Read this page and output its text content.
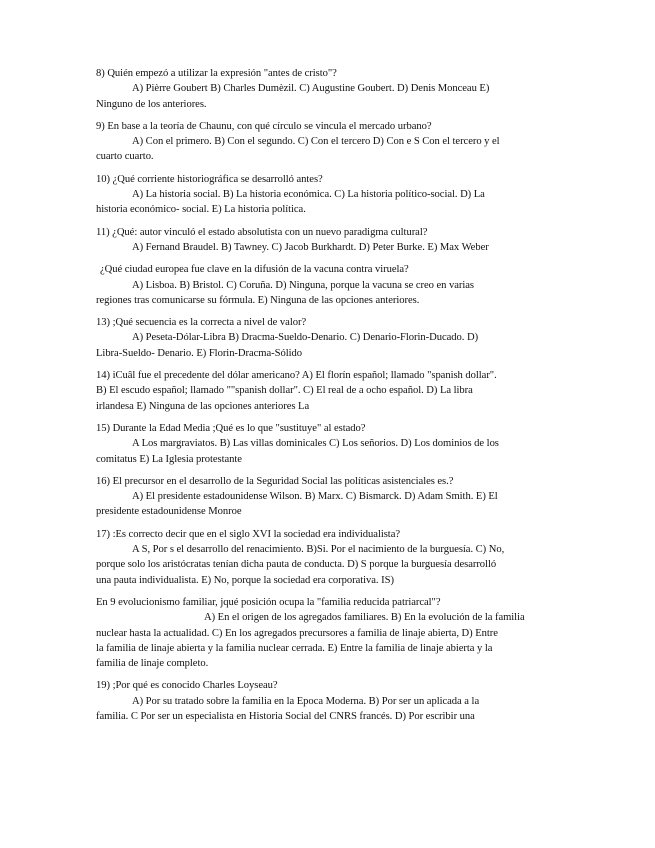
8) Quién empezó a utilizar la expresión "antes de cristo"?
A) Pièrre Goubert B) Charles Dumèzil. C) Augustine Goubert. D) Denis Monceau E)
Ninguno de los anteriores.
9) En base a la teoría de Chaunu, con qué círculo se vincula el mercado urbano?
A) Con el primero. B) Con el segundo. C) Con el tercero D) Con e S Con el tercero y el
cuarto cuarto.
10) ¿Qué corriente historiográfica se desarrolló antes?
A) La historia social. B) La historia económica. C) La historia político-social. D) La
historia económico- social. E) La historia política.
11) ¿Qué: autor vinculó el estado absolutista con un nuevo paradigma cultural?
A) Fernand Braudel. B) Tawney. C) Jacob Burkhardt. D) Peter Burke. E) Max Weber
¿Qué ciudad europea fue clave en la difusión de la vacuna contra viruela?
A) Lisboa. B) Bristol. C) Coruña. D) Ninguna, porque la vacuna se creo en varias
regiones tras comunicarse su fórmula. E) Ninguna de las opciones anteriores.
13) ;Qué secuencia es la correcta a nivel de valor?
A) Peseta-Dólar-Libra B) Dracma-Sueldo-Denario. C) Denario-Florin-Ducado. D)
Libra-Sueldo- Denario. E) Florin-Dracma-Sólido
14) iCuâl fue el precedente del dólar americano? A) El florín español; llamado "spanish dollar".
B) El escudo español; llamado ""spanish dollar". C) El real de a ocho español. D) La libra
irlandesa E) Ninguna de las opciones anteriores La
15) Durante la Edad Media ;Qué es lo que "sustituye" al estado?
A Los margraviatos. B) Las villas dominicales C) Los señorios. D) Los dominios de los
comitatus E) La Iglesia protestante
16) El precursor en el desarrollo de la Seguridad Social las políticas asistenciales es.?
A) El presidente estadounidense Wilson. B) Marx. C) Bismarck. D) Adam Smith. E) El
presidente estadounidense Monroe
17) :Es correcto decir que en el siglo XVI la sociedad era individualista?
A S, Por s el desarrollo del renacimiento. B)Si. Por el nacimiento de la burguesía. C) No,
porque solo los aristócratas tenían dicha pauta de conducta. D) S porque la burguesía desarrolló
una pauta individualista. E) No, porque la sociedad era corporativa. IS)
En 9 evolucionismo familiar, jqué posición ocupa la "familia reducida patriarcal"?
A) En el origen de los agregados familiares. B) En la evolución de la familia
nuclear hasta la actualidad. C) En los agregados precursores a familia de linaje abierta, D) Entre
la familia de linaje abierta y la familia nuclear cerrada. E) Entre la familia de linaje abierta y la
familia de linaje completo.
19) ;Por qué es conocido Charles Loyseau?
A) Por su tratado sobre la familia en la Epoca Moderna. B) Por ser un aplicada a la
familia. C Por ser un especialista en Historia Social del CNRS francés. D) Por escribir una
